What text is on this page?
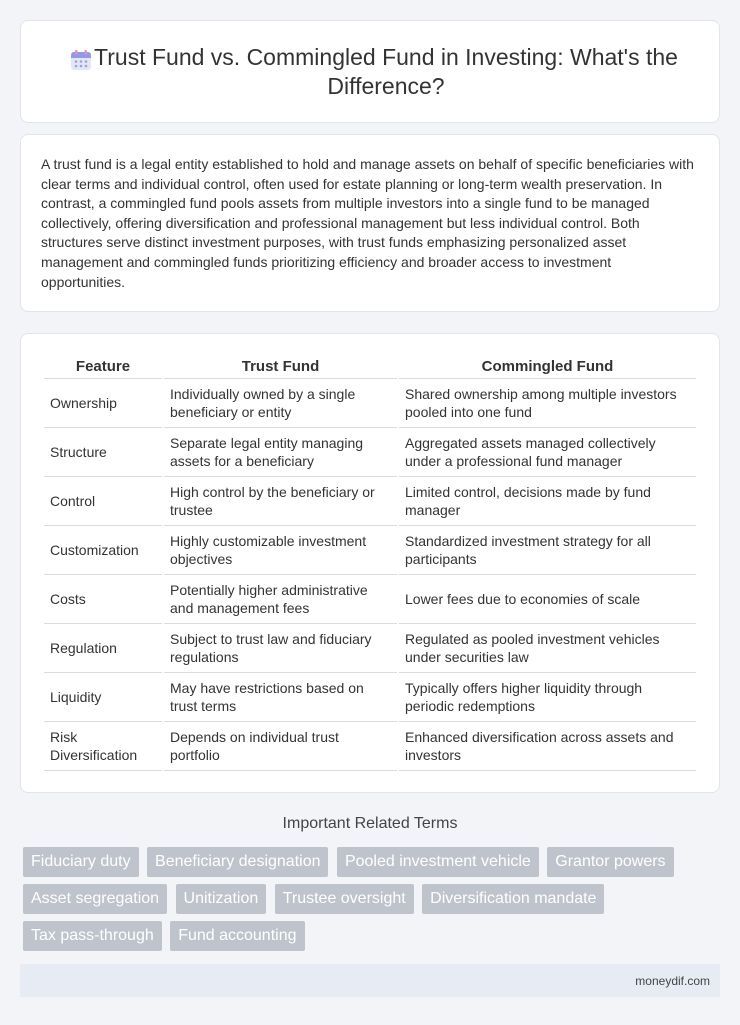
Trust Fund vs. Commingled Fund in Investing: What's the Difference?

A trust fund is a legal entity established to hold and manage assets on behalf of specific beneficiaries with clear terms and individual control, often used for estate planning or long-term wealth preservation. In contrast, a commingled fund pools assets from multiple investors into a single fund to be managed collectively, offering diversification and professional management but less individual control. Both structures serve distinct investment purposes, with trust funds emphasizing personalized asset management and commingled funds prioritizing efficiency and broader access to investment opportunities.

Feature	Trust Fund	Commingled Fund
Ownership	Individually owned by a single beneficiary or entity	Shared ownership among multiple investors pooled into one fund
Structure	Separate legal entity managing assets for a beneficiary	Aggregated assets managed collectively under a professional fund manager
Control	High control by the beneficiary or trustee	Limited control, decisions made by fund manager
Customization	Highly customizable investment objectives	Standardized investment strategy for all participants
Costs	Potentially higher administrative and management fees	Lower fees due to economies of scale
Regulation	Subject to trust law and fiduciary regulations	Regulated as pooled investment vehicles under securities law
Liquidity	May have restrictions based on trust terms	Typically offers higher liquidity through periodic redemptions
Risk Diversification	Depends on individual trust portfolio	Enhanced diversification across assets and investors
Important Related Terms
Fiduciary duty Beneficiary designation Pooled investment vehicle Grantor powers Asset segregation Unitization Trustee oversight Diversification mandate Tax pass-through Fund accounting
moneydif.com
